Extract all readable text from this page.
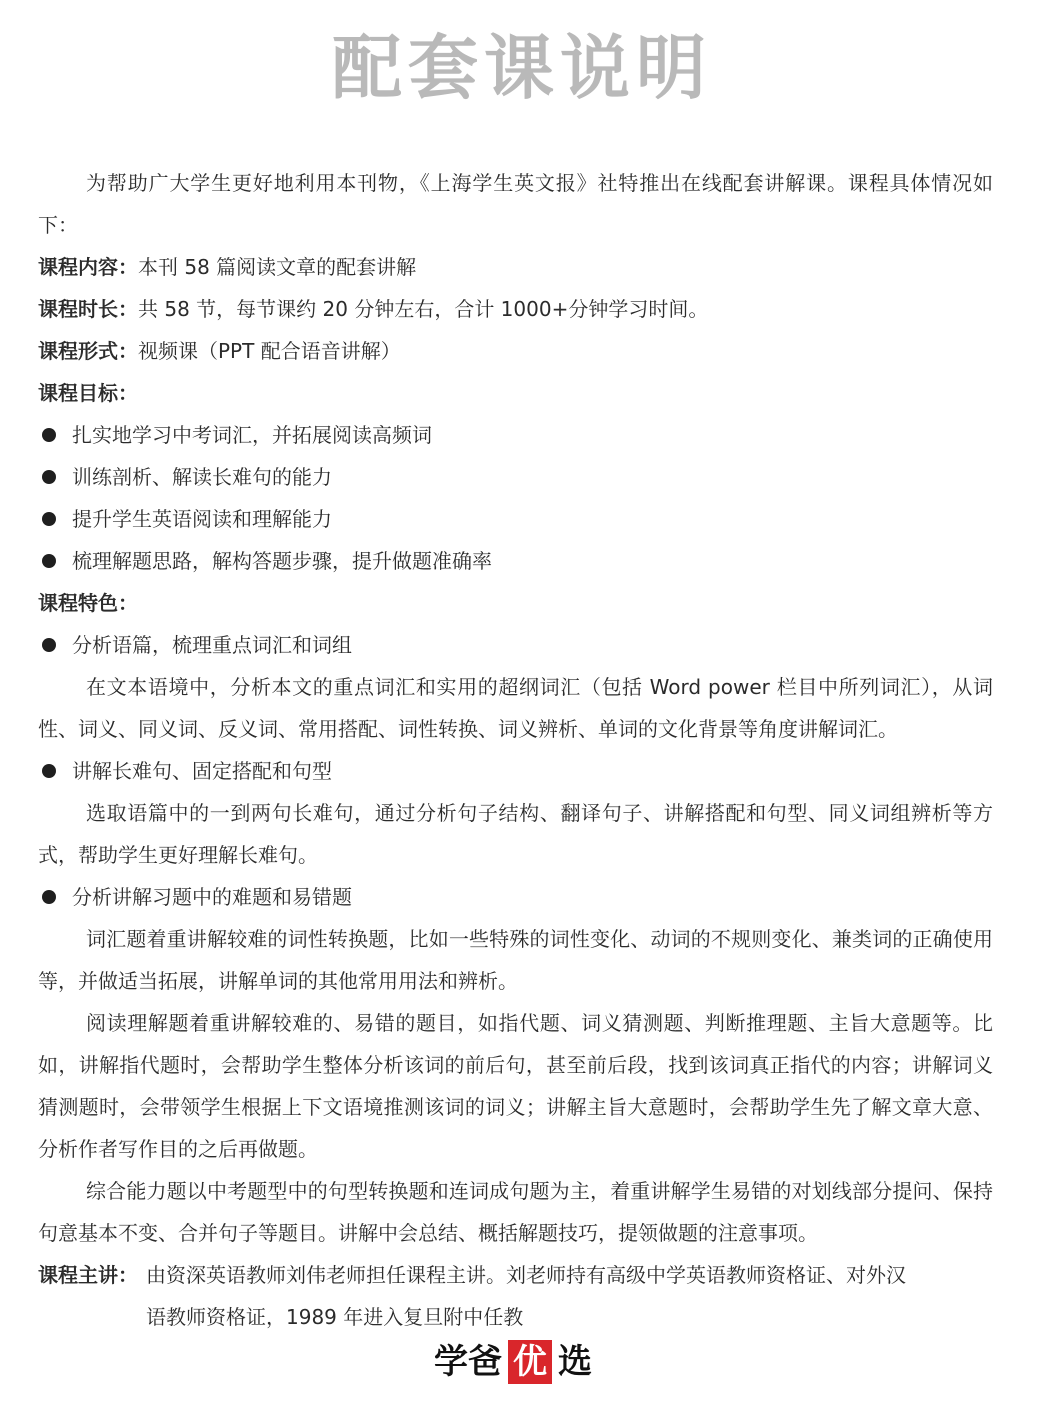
配套课说明

为帮助广大学生更好地利用本刊物，《上海学生英文报》社特推出在线配套讲解课。课程具体情况如下：

课程内容：本刊 58 篇阅读文章的配套讲解

课程时长：共 58 节，每节课约 20 分钟左右，合计 1000+分钟学习时间。

课程形式：视频课（PPT 配合语音讲解）

课程目标：

扎实地学习中考词汇，并拓展阅读高频词
训练剖析、解读长难句的能力
提升学生英语阅读和理解能力
梳理解题思路，解构答题步骤，提升做题准确率

课程特色：

分析语篇，梳理重点词汇和词组

在文本语境中，分析本文的重点词汇和实用的超纲词汇（包括 Word power 栏目中所列词汇），从词性、词义、同义词、反义词、常用搭配、词性转换、词义辨析、单词的文化背景等角度讲解词汇。

讲解长难句、固定搭配和句型

选取语篇中的一到两句长难句，通过分析句子结构、翻译句子、讲解搭配和句型、同义词组辨析等方式，帮助学生更好理解长难句。

分析讲解习题中的难题和易错题

词汇题着重讲解较难的词性转换题，比如一些特殊的词性变化、动词的不规则变化、兼类词的正确使用等，并做适当拓展，讲解单词的其他常用用法和辨析。

阅读理解题着重讲解较难的、易错的题目，如指代题、词义猜测题、判断推理题、主旨大意题等。比如，讲解指代题时，会帮助学生整体分析该词的前后句，甚至前后段，找到该词真正指代的内容；讲解词义猜测题时，会带领学生根据上下文语境推测该词的词义；讲解主旨大意题时，会帮助学生先了解文章大意、分析作者写作目的之后再做题。

综合能力题以中考题型中的句型转换题和连词成句题为主，着重讲解学生易错的对划线部分提问、保持句意基本不变、合并句子等题目。讲解中会总结、概括解题技巧，提领做题的注意事项。

课程主讲： 由资深英语教师刘伟老师担任课程主讲。刘老师持有高级中学英语教师资格证、对外汉
语教师资格证，1989 年进入复旦附中任教
学爸 优 选
